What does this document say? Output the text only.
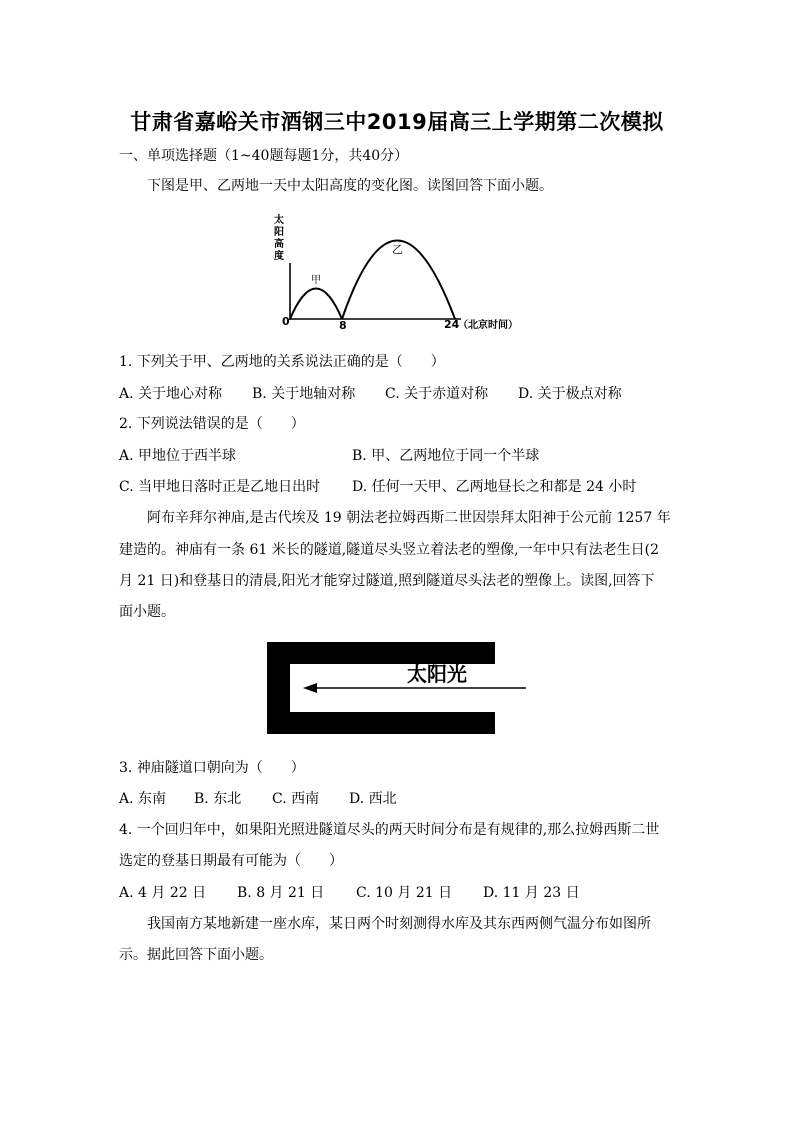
甘肃省嘉峪关市酒钢三中2019届高三上学期第二次模拟
一、单项选择题（1~40题每题1分，共40分）
下图是甲、乙两地一天中太阳高度的变化图。读图回答下面小题。
太
阳
高
度
甲
乙
0	8	24
（北京时间）
1. 下列关于甲、乙两地的关系说法正确的是（　　）
A. 关于地心对称 B. 关于地轴对称 C. 关于赤道对称 D. 关于极点对称
2. 下列说法错误的是（　　）
A. 甲地位于西半球	B. 甲、乙两地位于同一个半球
C. 当甲地日落时正是乙地日出时 D. 任何一天甲、乙两地昼长之和都是 24 小时
阿布辛拜尔神庙,是古代埃及 19 朝法老拉姆西斯二世因崇拜太阳神于公元前 1257 年
建造的。神庙有一条 61 米长的隧道,隧道尽头竖立着法老的塑像,一年中只有法老生日(2
月 21 日)和登基日的清晨,阳光才能穿过隧道,照到隧道尽头法老的塑像上。读图,回答下
面小题。
太阳光
3. 神庙隧道口朝向为（　　）
A. 东南 B. 东北 C. 西南 D. 西北
4. 一个回归年中，如果阳光照进隧道尽头的两天时间分布是有规律的,那么拉姆西斯二世
选定的登基日期最有可能为（　　）
A. 4 月 22 日 B. 8 月 21 日 C. 10 月 21 日 D. 11 月 23 日
我国南方某地新建一座水库，某日两个时刻测得水库及其东西两侧气温分布如图所
示。据此回答下面小题。
